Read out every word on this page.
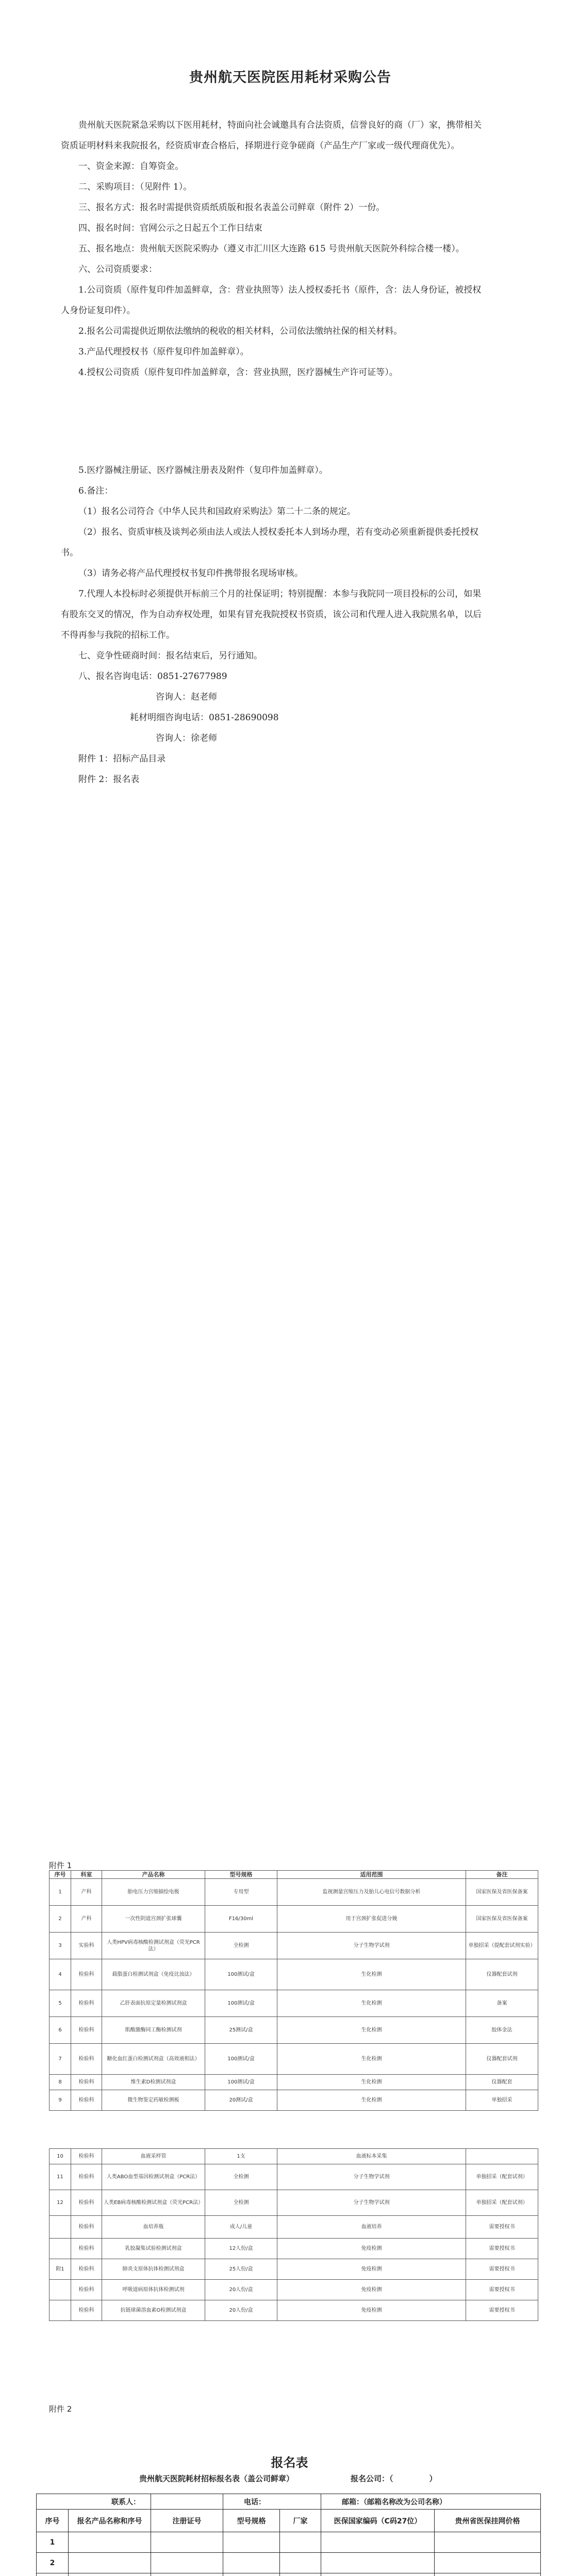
贵州航天医院医用耗材采购公告

贵州航天医院紧急采购以下医用耗材，特面向社会诚邀具有合法资质，信誉良好的商（厂）家，携带相关资质证明材料来我院报名，经资质审查合格后，择期进行竞争磋商（产品生产厂家或一级代理商优先）。

一、资金来源：自筹资金。

二、采购项目：（见附件 1）。

三、报名方式：报名时需提供资质纸质版和报名表盖公司鲜章（附件 2）一份。

四、报名时间：官网公示之日起五个工作日结束

五、报名地点：贵州航天医院采购办（遵义市汇川区大连路 615 号贵州航天医院外科综合楼一楼）。

六、公司资质要求：

1.公司资质（原件复印件加盖鲜章，含：营业执照等）法人授权委托书（原件，含：法人身份证，被授权人身份证复印件）。

2.报名公司需提供近期依法缴纳的税收的相关材料，公司依法缴纳社保的相关材料。

3.产品代理授权书（原件复印件加盖鲜章）。

4.授权公司资质（原件复印件加盖鲜章，含：营业执照，医疗器械生产许可证等）。

5.医疗器械注册证、医疗器械注册表及附件（复印件加盖鲜章）。

6.备注：

（1）报名公司符合《中华人民共和国政府采购法》第二十二条的规定。

（2）报名、资质审核及谈判必须由法人或法人授权委托本人到场办理，若有变动必须重新提供委托授权书。

（3）请务必将产品代理授权书复印件携带报名现场审核。

7.代理人本投标时必须提供开标前三个月的社保证明；特别提醒：本参与我院同一项目投标的公司，如果有股东交叉的情况，作为自动弃权处理，如果有冒充我院授权书资质，该公司和代理人进入我院黑名单，以后不得再参与我院的招标工作。

七、竞争性磋商时间：报名结束后，另行通知。

八、报名咨询电话：0851-27677989

咨询人：赵老师

耗材明细咨询电话：0851-28690098

咨询人：徐老师

附件 1：招标产品目录

附件 2：报名表

附件 1
序号	科室	产品名称	型号规格	适用范围	备注
1	产科	胎电压力宫缩描绘电极	专用型	监视测量宫缩压力及胎儿心电信号数据分析	国家医保及省医保备案
2	产科	一次性阴道宫颈扩张球囊	F16/30ml	用于宫颈扩张促进分娩	国家医保及省医保备案
3	实验科	人类HPV病毒核酸检测试剂盒（荧光PCR法）	全检测	分子生物学试剂	单独招采（提配套试剂实验）
4	检验科	载脂蛋白检测试剂盒（免疫比浊法）	100测试/盒	生化检测	仪器配套试剂
5	检验科	乙肝表面抗原定量检测试剂盒	100测试/盒	生化检测	备案
6	检验科	肌酸激酶同工酶检测试剂	25测试/盒	生化检测	胶体金法
7	检验科	糖化血红蛋白检测试剂盒（高效液相法）	100测试/盒	生化检测	仪器配套试剂
8	检验科	维生素D检测试剂盒	100测试/盒	生化检测	仪器配套
9	检验科	微生物鉴定药敏检测板	20测试/盒	生化检测	单独招采
10	检验科	血液采样管	1支	血液标本采集	
11	检验科	人类ABO血型基因检测试剂盒（PCR法）	全检测	分子生物学试剂	单独招采（配套试剂）
12	检验科	人类EB病毒核酸检测试剂盒（荧光PCR法）	全检测	分子生物学试剂	单独招采（配套试剂）
	检验科	血培养瓶	成人/儿童	血液培养	需要授权书
	检验科	乳胶凝集试验检测试剂盒	12人份/盒	免疫检测	需要授权书
附1	检验科	肺炎支原体抗体检测试剂盒	25人份/盒	免疫检测	需要授权书
	检验科	呼吸道病原体抗体检测试剂	20人份/盒	免疫检测	需要授权书
	检验科	抗链球菌溶血素O检测试剂盒	20人份/盒	免疫检测	需要授权书
附件 2
报名表
贵州航天医院耗材招标报名表（盖公司鲜章）	报名公司：（	）
联系人：			电话：		邮箱：（邮箱名称改为公司名称）	
序号	报名产品名称和序号	注册证号	型号规格	厂家	医保国家编码（C码27位）	贵州省医保挂网价格
1						
2						
